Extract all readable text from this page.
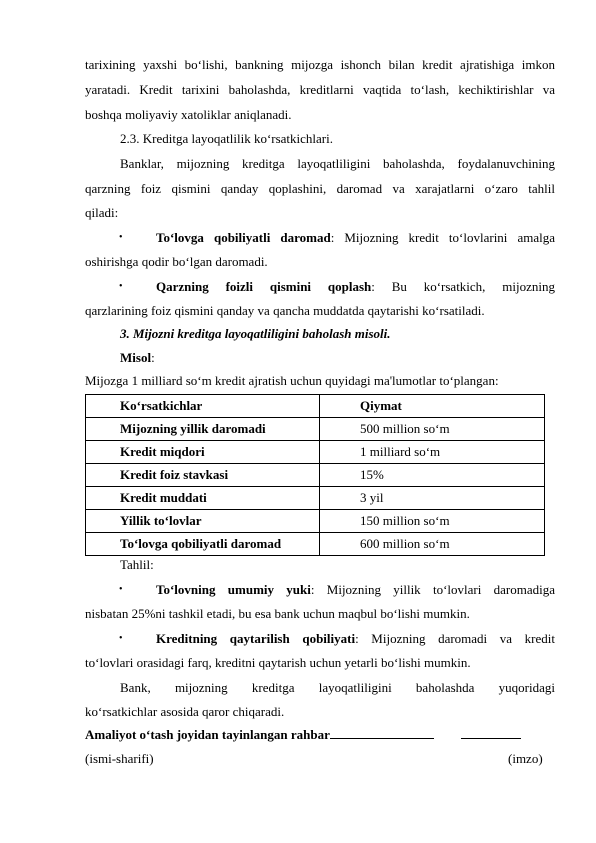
tarixining yaxshi bo‘lishi, bankning mijozga ishonch bilan kredit ajratishiga imkon
yaratadi. Kredit tarixini baholashda, kreditlarni vaqtida to‘lash, kechiktirishlar va
boshqa moliyaviy xatoliklar aniqlanadi.
2.3. Kreditga layoqatlilik ko‘rsatkichlari.
Banklar, mijozning kreditga layoqatliligini baholashda, foydalanuvchining
qarzning foiz qismini qanday qoplashini, daromad va xarajatlarni o‘zaro tahlil
qiladi:
•	To‘lovga qobiliyatli daromad: Mijozning kredit to‘lovlarini amalga
oshirishga qodir bo‘lgan daromadi.
•	Qarzning foizli qismini qoplash: Bu ko‘rsatkich, mijozning
qarzlarining foiz qismini qanday va qancha muddatda qaytarishi ko‘rsatiladi.
3. Mijozni kreditga layoqatliligini baholash misoli.
Misol:
Mijozga 1 milliard so‘m kredit ajratish uchun quyidagi ma'lumotlar to‘plangan:
Ko‘rsatkichlar	Qiymat
Mijozning yillik daromadi	500 million so‘m
Kredit miqdori	1 milliard so‘m
Kredit foiz stavkasi	15%
Kredit muddati	3 yil
Yillik to‘lovlar	150 million so‘m
To‘lovga qobiliyatli daromad	600 million so‘m
Tahlil:
•	To‘lovning umumiy yuki: Mijozning yillik to‘lovlari daromadiga
nisbatan 25%ni tashkil etadi, bu esa bank uchun maqbul bo‘lishi mumkin.
•	Kreditning qaytarilish qobiliyati: Mijozning daromadi va kredit
to‘lovlari orasidagi farq, kreditni qaytarish uchun yetarli bo‘lishi mumkin.
Bank, mijozning kreditga layoqatliligini baholashda yuqoridagi
ko‘rsatkichlar asosida qaror chiqaradi.
Amaliyot o‘tash joyidan tayinlangan rahbar
(ismi-sharifi)	(imzo)
